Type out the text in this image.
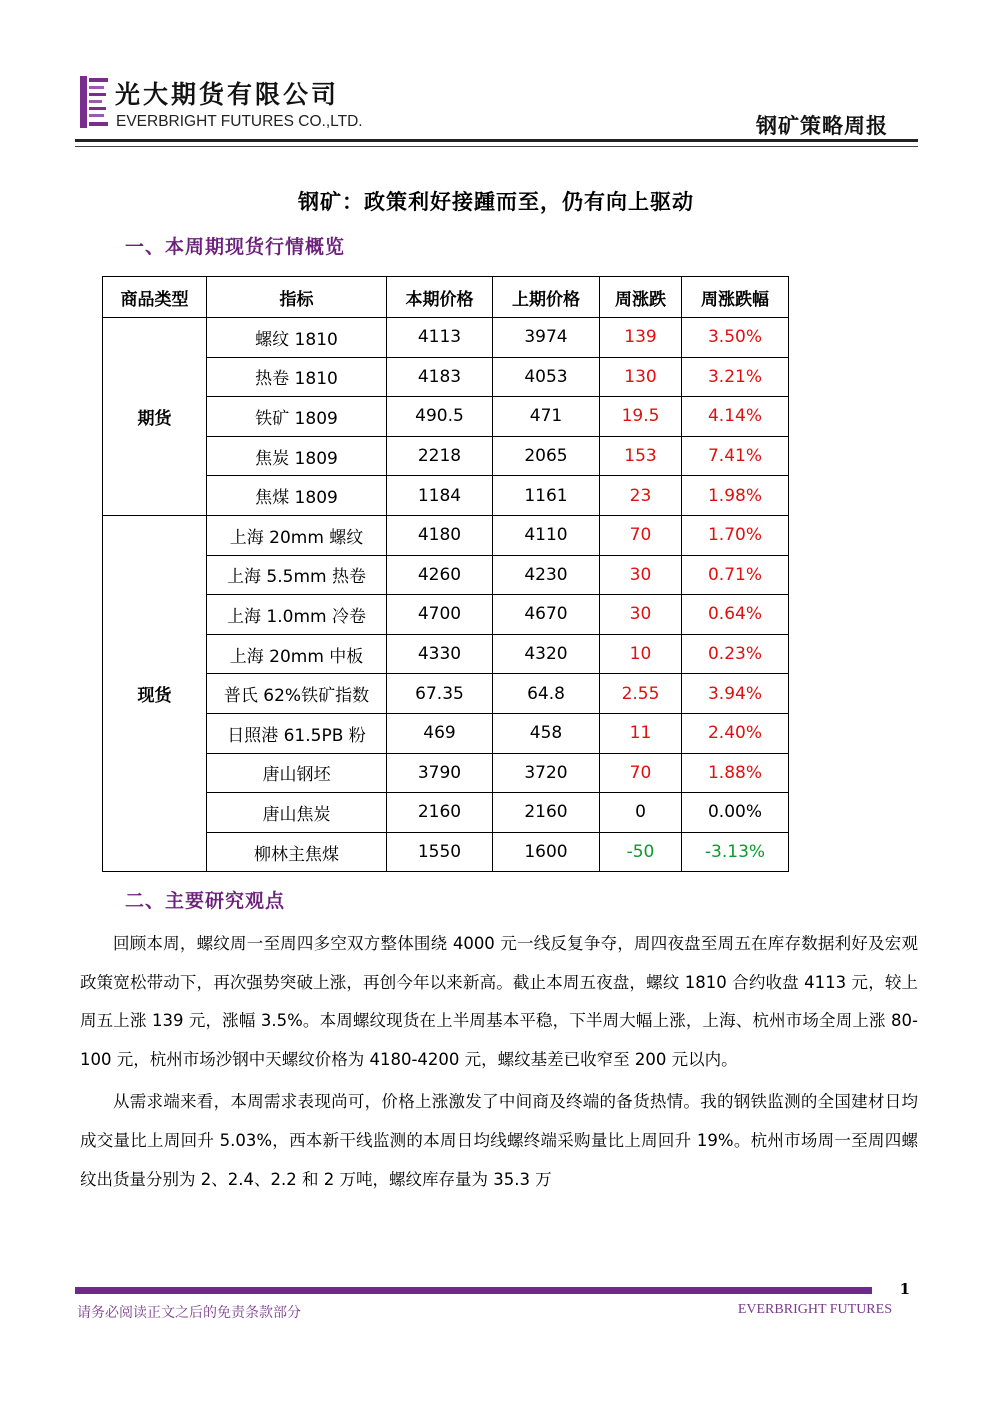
光大期货有限公司
EVERBRIGHT FUTURES CO.,LTD.	钢矿策略周报
钢矿：政策利好接踵而至，仍有向上驱动
一、本周期现货行情概览
商品类型	指标	本期价格	上期价格	周涨跌	周涨跌幅
期货	螺纹 1810	4113	3974	139	3.50%
	热卷 1810	4183	4053	130	3.21%
	铁矿 1809	490.5	471	19.5	4.14%
	焦炭 1809	2218	2065	153	7.41%
	焦煤 1809	1184	1161	23	1.98%
现货	上海 20mm 螺纹	4180	4110	70	1.70%
	上海 5.5mm 热卷	4260	4230	30	0.71%
	上海 1.0mm 冷卷	4700	4670	30	0.64%
	上海 20mm 中板	4330	4320	10	0.23%
	普氏 62%铁矿指数	67.35	64.8	2.55	3.94%
	日照港 61.5PB 粉	469	458	11	2.40%
	唐山钢坯	3790	3720	70	1.88%
	唐山焦炭	2160	2160	0	0.00%
	柳林主焦煤	1550	1600	-50	-3.13%
二、主要研究观点

回顾本周，螺纹周一至周四多空双方整体围绕 4000 元一线反复争夺，周四夜盘至周五在库存数据利好及宏观政策宽松带动下，再次强势突破上涨，再创今年以来新高。截止本周五夜盘，螺纹 1810 合约收盘 4113 元，较上周五上涨 139 元，涨幅 3.5%。本周螺纹现货在上半周基本平稳，下半周大幅上涨，上海、杭州市场全周上涨 80-100 元，杭州市场沙钢中天螺纹价格为 4180-4200 元，螺纹基差已收窄至 200 元以内。

从需求端来看，本周需求表现尚可，价格上涨激发了中间商及终端的备货热情。我的钢铁监测的全国建材日均成交量比上周回升 5.03%，西本新干线监测的本周日均线螺终端采购量比上周回升 19%。杭州市场周一至周四螺纹出货量分别为 2、2.4、2.2 和 2 万吨，螺纹库存量为 35.3 万

1
请务必阅读正文之后的免责条款部分	EVERBRIGHT FUTURES
